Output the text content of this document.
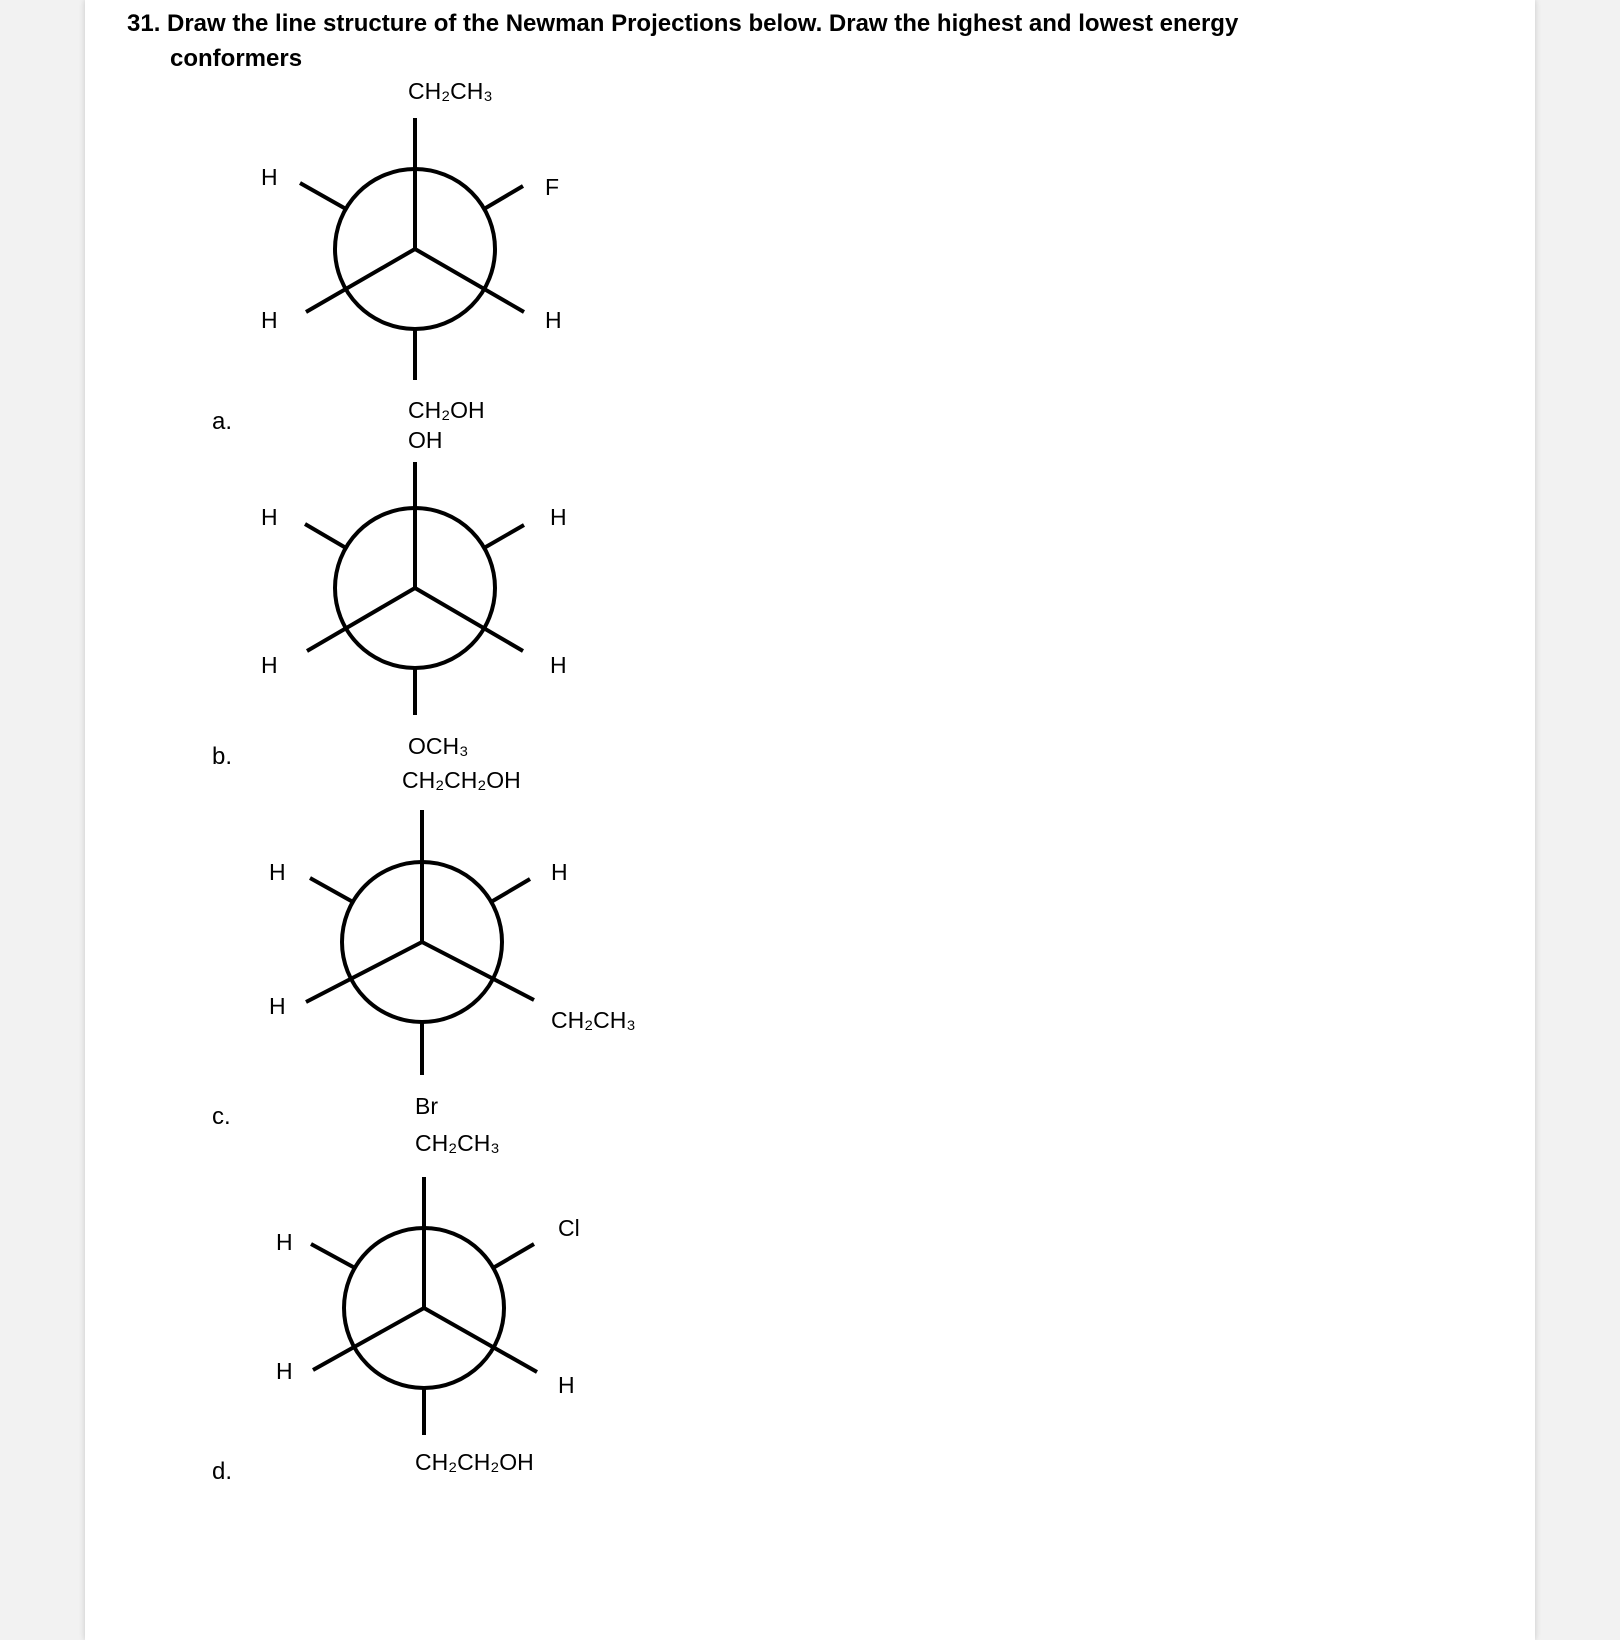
31. Draw the line structure of the Newman Projections below. Draw the highest and lowest energy
conformers
a.
b.
c.
d.
CH₂CH₃
H	F
H	H
CH₂OH
OH
H	H
H	H
OCH₃
CH₂CH₂OH
H	H
H
CH₂CH₃
Br
CH₂CH₃
H
Cl
H
H
CH₂CH₂OH
